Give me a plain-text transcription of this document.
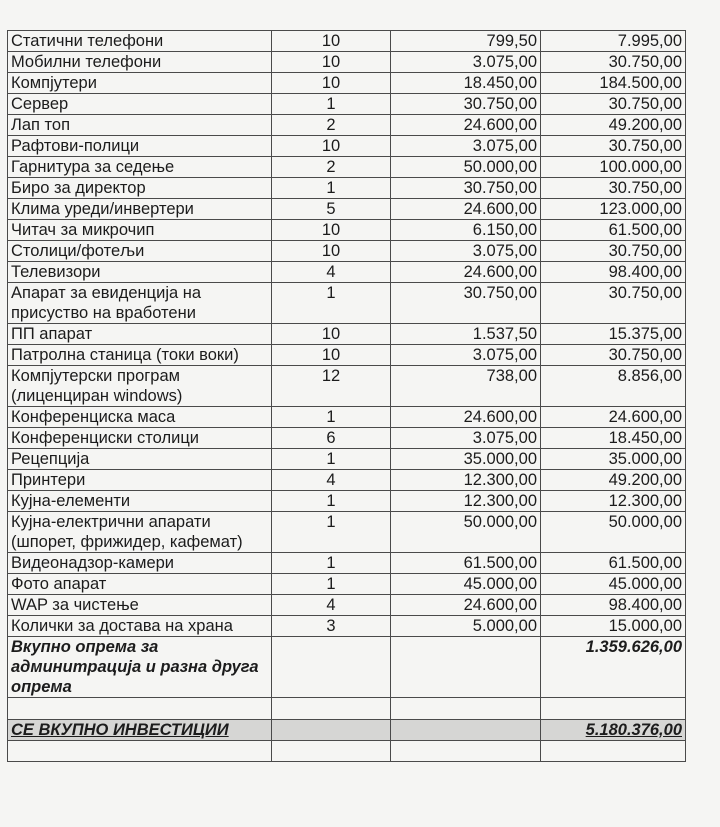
Статични телефони	10	799,50	7.995,00
Мобилни телефони	10	3.075,00	30.750,00
Компјутери	10	18.450,00	184.500,00
Сервер	1	30.750,00	30.750,00
Лап топ	2	24.600,00	49.200,00
Рафтови-полици	10	3.075,00	30.750,00
Гарнитура за седење	2	50.000,00	100.000,00
Биро за директор	1	30.750,00	30.750,00
Клима уреди/инвертери	5	24.600,00	123.000,00
Читач за микрочип	10	6.150,00	61.500,00
Столици/фотељи	10	3.075,00	30.750,00
Телевизори	4	24.600,00	98.400,00
Апарат за евиденција на присуство на вработени	1	30.750,00	30.750,00
ПП апарат	10	1.537,50	15.375,00
Патролна станица (токи воки)	10	3.075,00	30.750,00
Компјутерски програм (лиценциран windows)	12	738,00	8.856,00
Конференциска маса	1	24.600,00	24.600,00
Конференциски столици	6	3.075,00	18.450,00
Рецепција	1	35.000,00	35.000,00
Принтери	4	12.300,00	49.200,00
Кујна-елементи	1	12.300,00	12.300,00
Кујна-електрични апарати (шпорет, фрижидер, кафемат)	1	50.000,00	50.000,00
Видеонадзор-камери	1	61.500,00	61.500,00
Фото апарат	1	45.000,00	45.000,00
WAP за чистење	4	24.600,00	98.400,00
Колички за достава на храна	3	5.000,00	15.000,00
Вкупно опрема за админитрација и разна друга опрема			1.359.626,00

СЕ ВКУПНО ИНВЕСТИЦИИ			5.180.376,00
